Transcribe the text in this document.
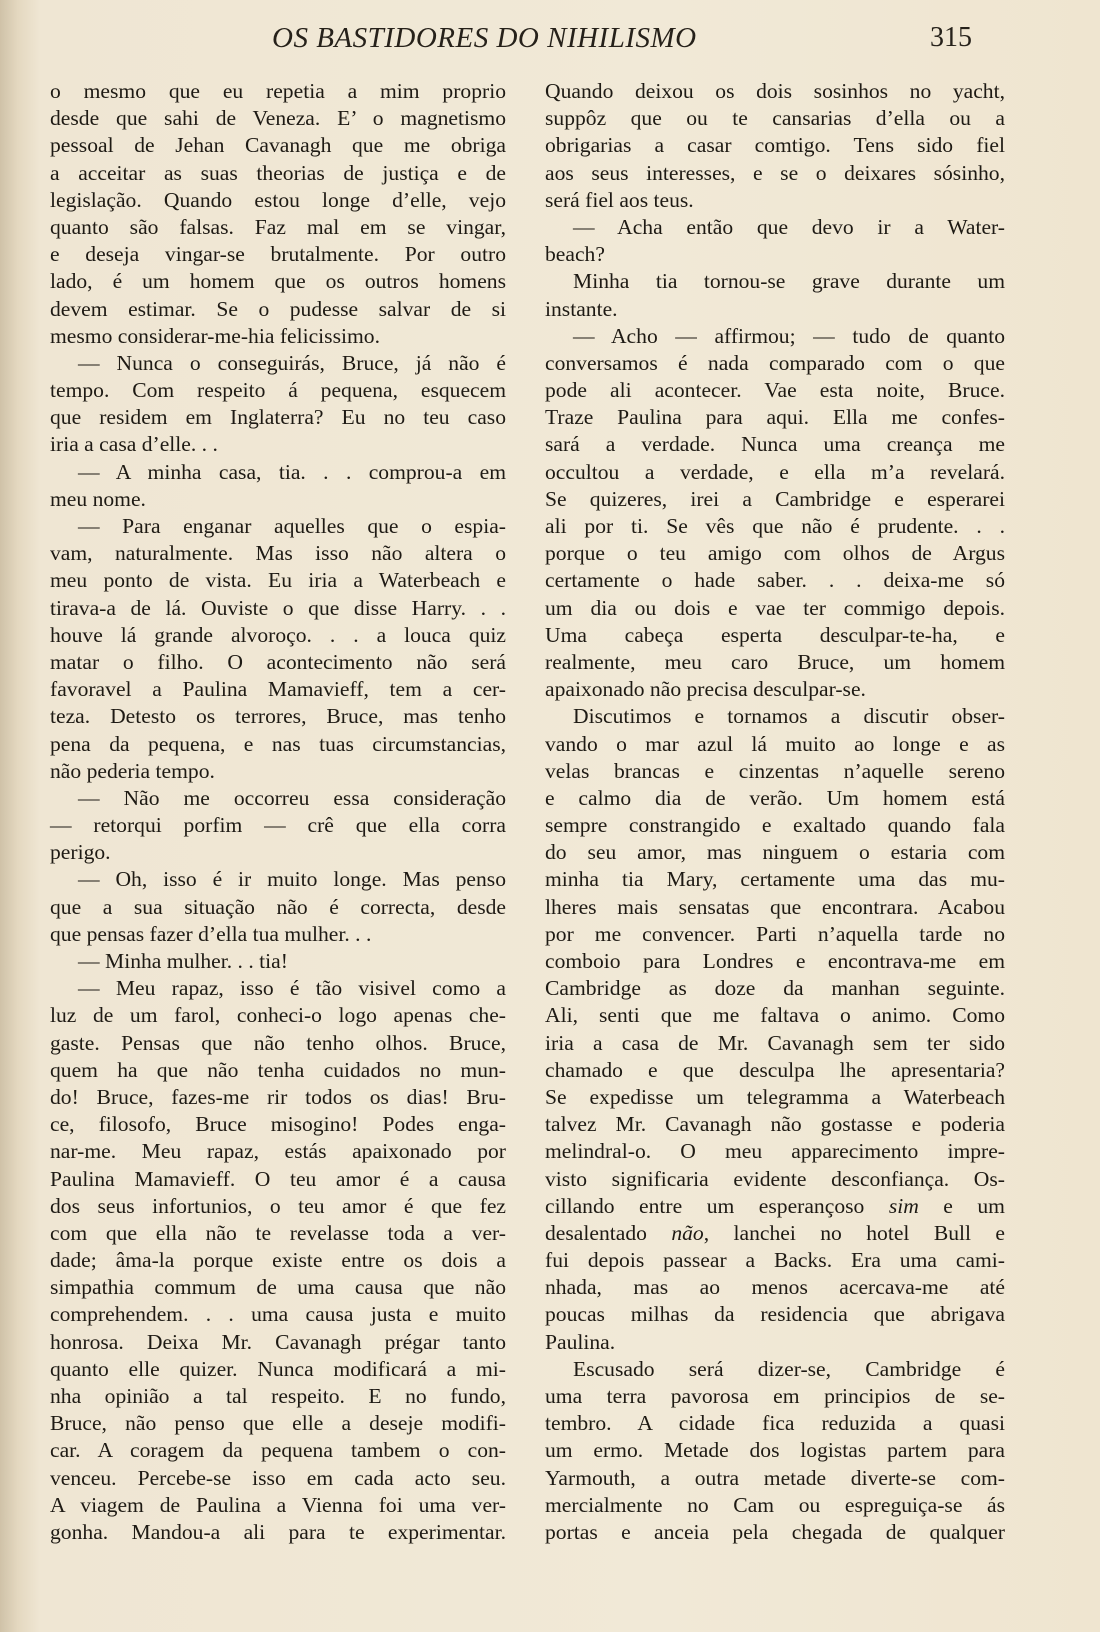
OS BASTIDORES DO NIHILISMO	315
o mesmo que eu repetia a mim proprio
desde que sahi de Veneza. E’ o magnetismo
pessoal de Jehan Cavanagh que me obriga
a acceitar as suas theorias de justiça e de
legislação. Quando estou longe d’elle, vejo
quanto são falsas. Faz mal em se vingar,
e deseja vingar-se brutalmente. Por outro
lado, é um homem que os outros homens
devem estimar. Se o pudesse salvar de si
mesmo considerar-me-hia felicissimo.
— Nunca o conseguirás, Bruce, já não é
tempo. Com respeito á pequena, esquecem
que residem em Inglaterra? Eu no teu caso
iria a casa d’elle. . .
— A minha casa, tia. . . comprou-a em
meu nome.
— Para enganar aquelles que o espia-
vam, naturalmente. Mas isso não altera o
meu ponto de vista. Eu iria a Waterbeach e
tirava-a de lá. Ouviste o que disse Harry. . .
houve lá grande alvoroço. . . a louca quiz
matar o filho. O acontecimento não será
favoravel a Paulina Mamavieff, tem a cer-
teza. Detesto os terrores, Bruce, mas tenho
pena da pequena, e nas tuas circumstancias,
não pederia tempo.
— Não me occorreu essa consideração
— retorqui porfim — crê que ella corra
perigo.
— Oh, isso é ir muito longe. Mas penso
que a sua situação não é correcta, desde
que pensas fazer d’ella tua mulher. . .
— Minha mulher. . . tia!
— Meu rapaz, isso é tão visivel como a
luz de um farol, conheci-o logo apenas che-
gaste. Pensas que não tenho olhos. Bruce,
quem ha que não tenha cuidados no mun-
do! Bruce, fazes-me rir todos os dias! Bru-
ce, filosofo, Bruce misogino! Podes enga-
nar-me. Meu rapaz, estás apaixonado por
Paulina Mamavieff. O teu amor é a causa
dos seus infortunios, o teu amor é que fez
com que ella não te revelasse toda a ver-
dade; âma-la porque existe entre os dois a
simpathia commum de uma causa que não
comprehendem. . . uma causa justa e muito
honrosa. Deixa Mr. Cavanagh prégar tanto
quanto elle quizer. Nunca modificará a mi-
nha opinião a tal respeito. E no fundo,
Bruce, não penso que elle a deseje modifi-
car. A coragem da pequena tambem o con-
venceu. Percebe-se isso em cada acto seu.
A viagem de Paulina a Vienna foi uma ver-
gonha. Mandou-a ali para te experimentar.
Quando deixou os dois sosinhos no yacht,
suppôz que ou te cansarias d’ella ou a
obrigarias a casar comtigo. Tens sido fiel
aos seus interesses, e se o deixares sósinho,
será fiel aos teus.
— Acha então que devo ir a Water-
beach?
Minha tia tornou-se grave durante um
instante.
— Acho — affirmou; — tudo de quanto
conversamos é nada comparado com o que
pode ali acontecer. Vae esta noite, Bruce.
Traze Paulina para aqui. Ella me confes-
sará a verdade. Nunca uma creança me
occultou a verdade, e ella m’a revelará.
Se quizeres, irei a Cambridge e esperarei
ali por ti. Se vês que não é prudente. . .
porque o teu amigo com olhos de Argus
certamente o hade saber. . . deixa-me só
um dia ou dois e vae ter commigo depois.
Uma cabeça esperta desculpar-te-ha, e
realmente, meu caro Bruce, um homem
apaixonado não precisa desculpar-se.
Discutimos e tornamos a discutir obser-
vando o mar azul lá muito ao longe e as
velas brancas e cinzentas n’aquelle sereno
e calmo dia de verão. Um homem está
sempre constrangido e exaltado quando fala
do seu amor, mas ninguem o estaria com
minha tia Mary, certamente uma das mu-
lheres mais sensatas que encontrara. Acabou
por me convencer. Parti n’aquella tarde no
comboio para Londres e encontrava-me em
Cambridge as doze da manhan seguinte.
Ali, senti que me faltava o animo. Como
iria a casa de Mr. Cavanagh sem ter sido
chamado e que desculpa lhe apresentaria?
Se expedisse um telegramma a Waterbeach
talvez Mr. Cavanagh não gostasse e poderia
melindral-o. O meu apparecimento impre-
visto significaria evidente desconfiança. Os-
cillando entre um esperançoso sim e um
desalentado não, lanchei no hotel Bull e
fui depois passear a Backs. Era uma cami-
nhada, mas ao menos acercava-me até
poucas milhas da residencia que abrigava
Paulina.
Escusado será dizer-se, Cambridge é
uma terra pavorosa em principios de se-
tembro. A cidade fica reduzida a quasi
um ermo. Metade dos logistas partem para
Yarmouth, a outra metade diverte-se com-
mercialmente no Cam ou espreguiça-se ás
portas e anceia pela chegada de qualquer
